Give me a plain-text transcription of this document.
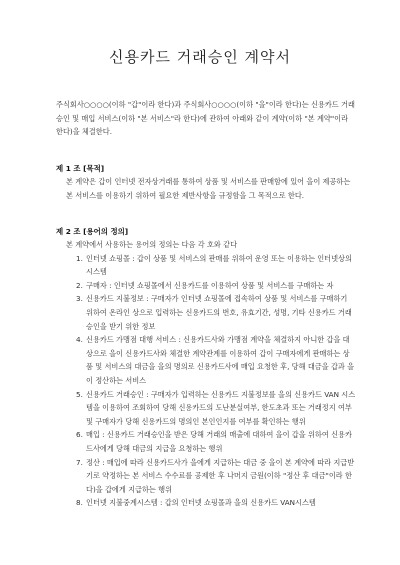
신용카드 거래승인 계약서
주식회사○○○○(이하 "갑"이라 한다)과 주식회사○○○○(이하 "을"이라 한다)는 신용카드 거래승인 및 매입 서비스(이하 "본 서비스"라 한다)에 관하여 아래와 같이 계약(이하 "본 계약"이라 한다)을 체결한다.
제 1 조 [목적]
본 계약은 갑이 인터넷 전자상거래를 통하여 상품 및 서비스를 판매함에 있어 을이 제공하는 본 서비스를 이용하기 위하여 필요한 제반사항을 규정함을 그 목적으로 한다.
제 2 조 [용어의 정의]
본 계약에서 사용하는 용어의 정의는 다음 각 호와 같다
1. 인터넷 쇼핑몰 : 갑이 상품 및 서비스의 판매를 위하여 운영 또는 이용하는 인터넷상의 시스템
2. 구매자 : 인터넷 쇼핑몰에서 신용카드를 이용하여 상품 및 서비스를 구매하는 자
3. 신용카드 지불정보 : 구매자가 인터넷 쇼핑몰에 접속하여 상품 및 서비스를 구매하기 위하여 온라인 상으로 입력하는 신용카드의 번호, 유효기간, 성명, 기타 신용카드 거래승인을 받기 위한 정보
4. 신용카드 가맹점 대행 서비스 : 신용카드사와 가맹점 계약을 체결하지 아니한 갑을 대상으로 을이 신용카드사와 체결한 계약관계를 이용하여 갑이 구매자에게 판매하는 상품 및 서비스의 대금을 을의 명의로 신용카드사에 매입 요청한 후, 당해 대금을 갑과 을이 정산하는 서비스
5. 신용카드 거래승인 : 구매자가 입력하는 신용카드 지불정보를 을의 신용카드 VAN 시스템을 이용하여 조회하여 당해 신용카드의 도난분실여부, 한도초과 또는 거래정지 여부 및 구매자가 당해 신용카드의 명의인 본인인지를 여부를 확인하는 행위
6. 매입 : 신용카드 거래승인을 받은 당해 거래의 매출에 대하여 을이 갑을 위하여 신용카드사에게 당해 대금의 지급을 요청하는 행위
7. 정산 : 매입에 따라 신용카드사가 을에게 지급하는 대금 중 을이 본 계약에 따라 지급받기로 약정하는 본 서비스 수수료를 공제한 후 나머지 금원(이하 "정산 후 대금"이라 한다)을 갑에게 지급하는 행위
8. 인터넷 지불중계시스템 : 갑의 인터넷 쇼핑몰과 을의 신용카드 VAN시스템
